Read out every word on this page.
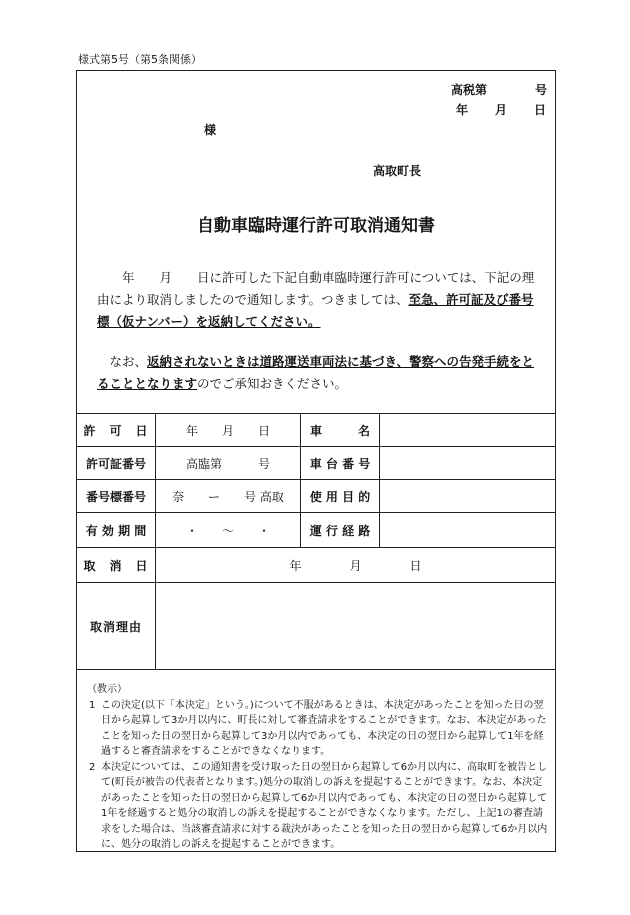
様式第5号（第5条関係）
高税第　　　　号
年　　月　　日
様
高取町長
自動車臨時運行許可取消通知書
　　年　　月　　日に許可した下記自動車臨時運行許可については、下記の理由により取消しましたので通知します。つきましては、至急、許可証及び番号標（仮ナンバー）を返納してください。
　なお、返納されないときは道路運送車両法に基づき、警察への告発手続をとることとなりますのでご承知おきください。
許　可　日	年　　月　　日	車　　　名	
許可証番号	高臨第　　　号	車 台 番 号	
番号標番号	奈　　ー　　号 高取	使 用 目 的	
有 効 期 間	・　　～　　・	運 行 経 路	
取　消　日	年　　　　月　　　　日		
取消理由			
（教示）
1 この決定(以下「本決定」という。)について不服があるときは、本決定があったことを知った日の翌日から起算して3か月以内に、町長に対して審査請求をすることができます。なお、本決定があったことを知った日の翌日から起算して3か月以内であっても、本決定の日の翌日から起算して1年を経過すると審査請求をすることができなくなります。
2 本決定については、この通知書を受け取った日の翌日から起算して6か月以内に、高取町を被告として(町長が被告の代表者となります。)処分の取消しの訴えを提起することができます。なお、本決定があったことを知った日の翌日から起算して6か月以内であっても、本決定の日の翌日から起算して1年を経過すると処分の取消しの訴えを提起することができなくなります。ただし、上記1の審査請求をした場合は、当該審査請求に対する裁決があったことを知った日の翌日から起算して6か月以内に、処分の取消しの訴えを提起することができます。
